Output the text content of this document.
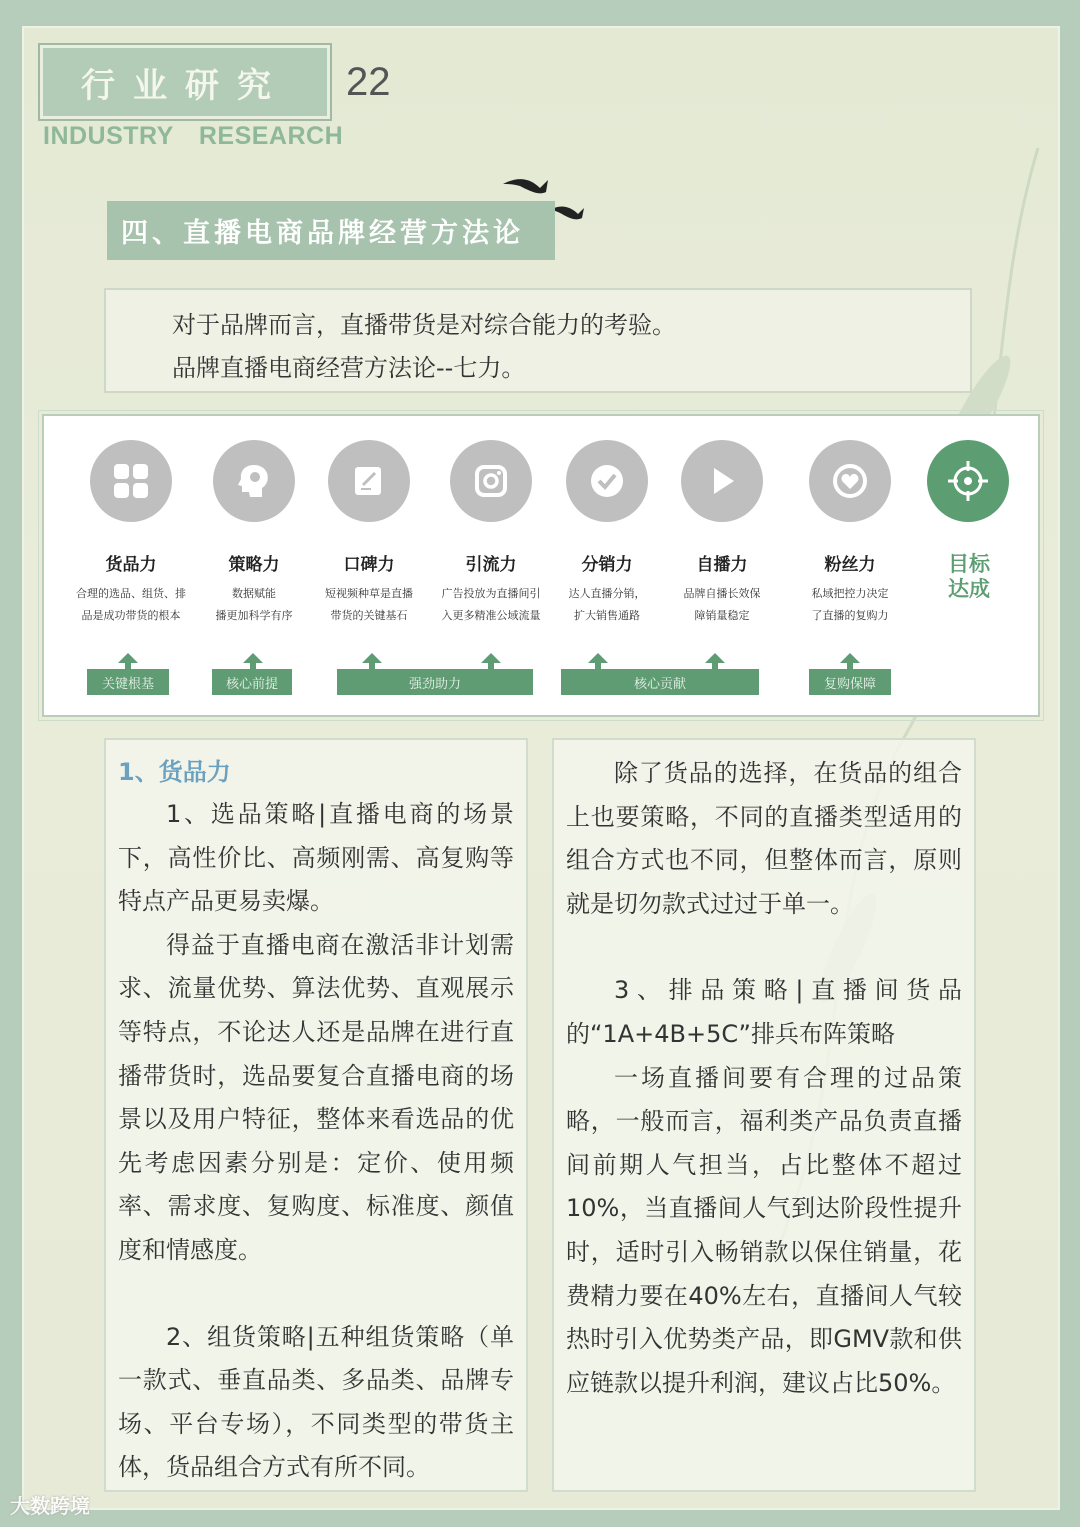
行业研究 22
INDUSTRY RESEARCH
四、直播电商品牌经营方法论
对于品牌而言，直播带货是对综合能力的考验。
品牌直播电商经营方法论--七力。
货品力
合理的选品、组货、排
品是成功带货的根本
策略力
数据赋能
播更加科学有序
口碑力
短视频种草是直播
带货的关键基石
引流力
广告投放为直播间引
入更多精准公域流量
分销力
达人直播分销，
扩大销售通路
自播力
品牌自播长效保
障销量稳定
粉丝力
私域把控力决定
了直播的复购力
目标
达成
关键根基	核心前提	强劲助力	核心贡献	复购保障
1、货品力

1、选品策略|直播电商的场景下，高性价比、高频刚需、高复购等特点产品更易卖爆。

得益于直播电商在激活非计划需求、流量优势、算法优势、直观展示等特点，不论达人还是品牌在进行直播带货时，选品要复合直播电商的场景以及用户特征，整体来看选品的优先考虑因素分别是：定价、使用频率、需求度、复购度、标准度、颜值度和情感度。

2、组货策略|五种组货策略（单一款式、垂直品类、多品类、品牌专场、平台专场），不同类型的带货主体，货品组合方式有所不同。

除了货品的选择，在货品的组合上也要策略，不同的直播类型适用的组合方式也不同，但整体而言，原则就是切勿款式过过于单一。

3、排品策略|直播间货品的“1A+4B+5C”排兵布阵策略

一场直播间要有合理的过品策略，一般而言，福利类产品负责直播间前期人气担当，占比整体不超过10%，当直播间人气到达阶段性提升时，适时引入畅销款以保住销量，花费精力要在40%左右，直播间人气较热时引入优势类产品，即GMV款和供应链款以提升利润，建议占比50%。

大数跨境
